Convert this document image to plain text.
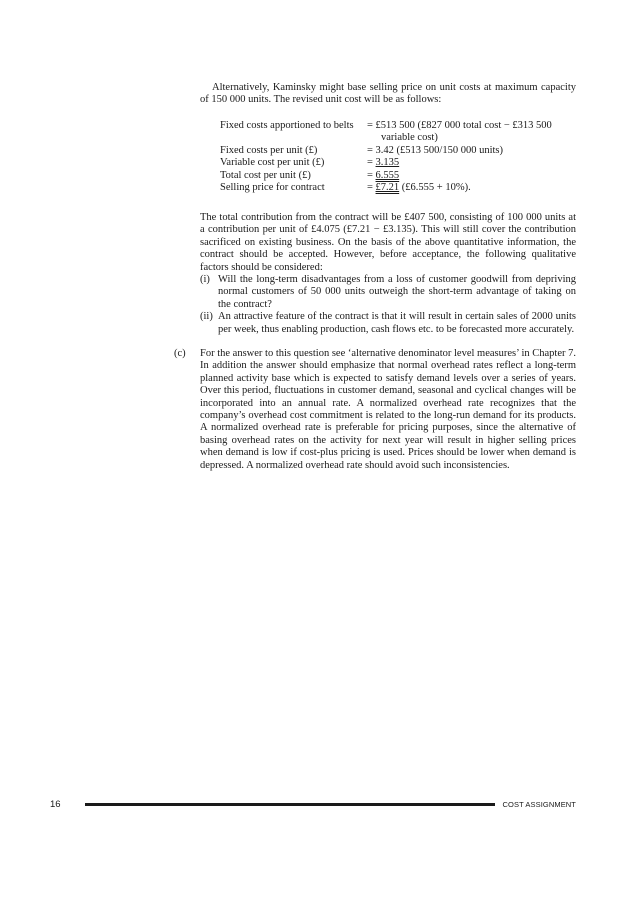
Alternatively, Kaminsky might base selling price on unit costs at maximum capacity of 150 000 units. The revised unit cost will be as follows:
Fixed costs apportioned to belts	= £513 500 (£827 000 total cost − £313 500
variable cost)
Fixed costs per unit (£)	= 3.42 (£513 500/150 000 units)
Variable cost per unit (£)	= 3.135
Total cost per unit (£)	= 6.555
Selling price for contract	= £7.21 (£6.555 + 10%).
The total contribution from the contract will be £407 500, consisting of 100 000 units at a contribution per unit of £4.075 (£7.21 − £3.135). This will still cover the contribution sacrificed on existing business. On the basis of the above quantitative information, the contract should be accepted. However, before acceptance, the following qualitative factors should be considered:
(i) Will the long-term disadvantages from a loss of customer goodwill from depriving normal customers of 50 000 units outweigh the short-term advantage of taking on the contract?
(ii) An attractive feature of the contract is that it will result in certain sales of 2000 units per week, thus enabling production, cash flows etc. to be forecasted more accurately.
(c)	For the answer to this question see ‘alternative denominator level measures’ in Chapter 7. In addition the answer should emphasize that normal overhead rates reflect a long-term planned activity base which is expected to satisfy demand levels over a series of years. Over this period, fluctuations in customer demand, seasonal and cyclical changes will be incorporated into an annual rate. A normalized overhead rate recognizes that the company’s overhead cost commitment is related to the long-run demand for its products. A normalized overhead rate is preferable for pricing purposes, since the alternative of basing overhead rates on the activity for next year will result in higher selling prices when demand is low if cost-plus pricing is used. Prices should be lower when demand is depressed. A normalized overhead rate should avoid such inconsistencies.
16	COST ASSIGNMENT
